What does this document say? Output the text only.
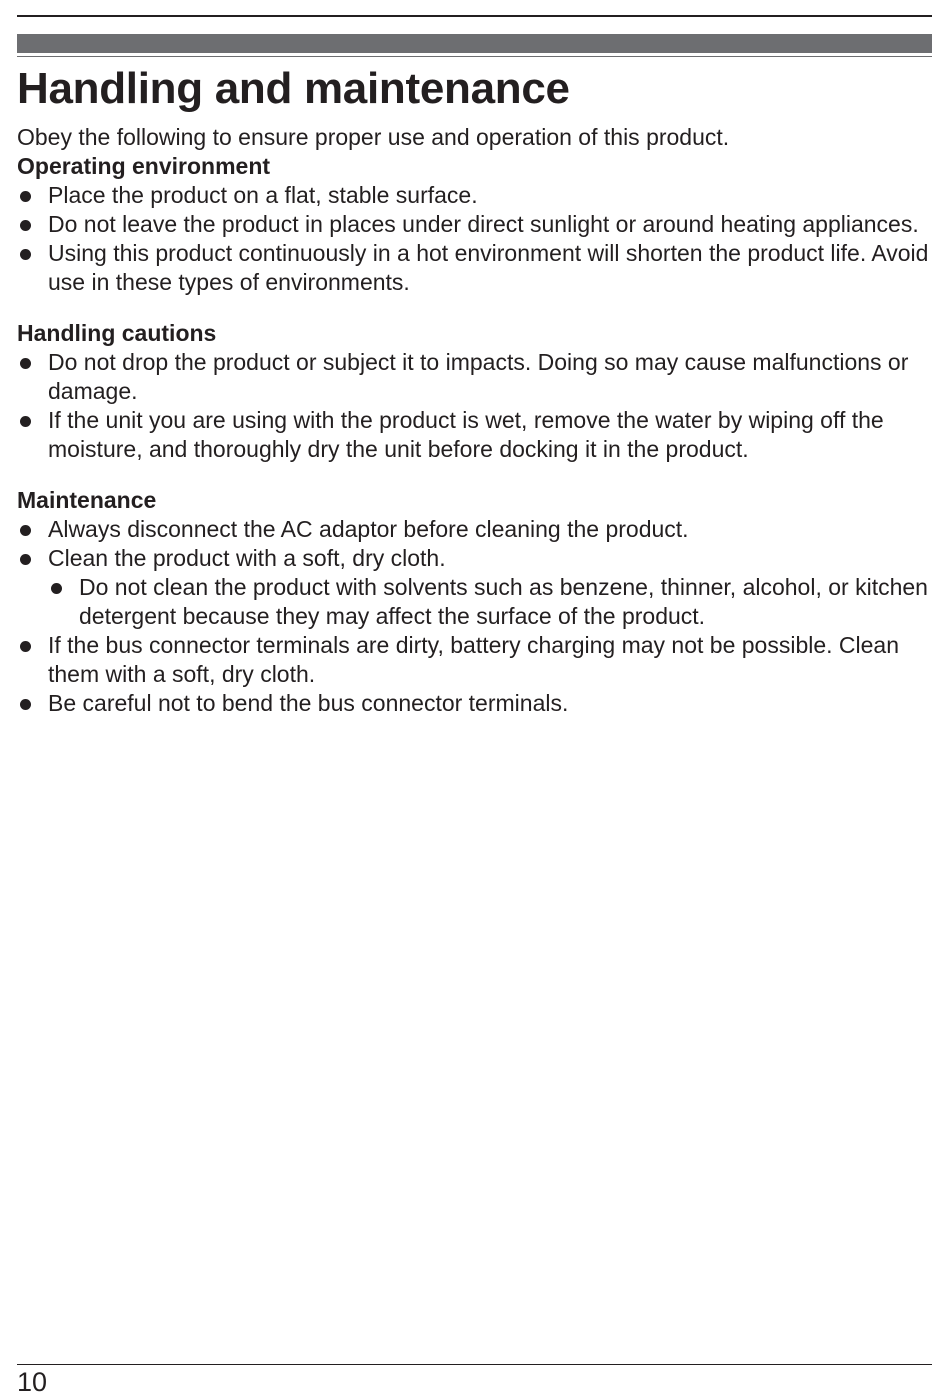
Handling and maintenance

Obey the following to ensure proper use and operation of this product.

Operating environment

Place the product on a flat, stable surface.
Do not leave the product in places under direct sunlight or around heating appliances.
Using this product continuously in a hot environment will shorten the product life. Avoid use in these types of environments.

Handling cautions

Do not drop the product or subject it to impacts. Doing so may cause malfunctions or damage.
If the unit you are using with the product is wet, remove the water by wiping off the moisture, and thoroughly dry the unit before docking it in the product.

Maintenance

Always disconnect the AC adaptor before cleaning the product.
Clean the product with a soft, dry cloth.
Do not clean the product with solvents such as benzene, thinner, alcohol, or kitchen detergent because they may affect the surface of the product.
If the bus connector terminals are dirty, battery charging may not be possible. Clean them with a soft, dry cloth.
Be careful not to bend the bus connector terminals.
10
